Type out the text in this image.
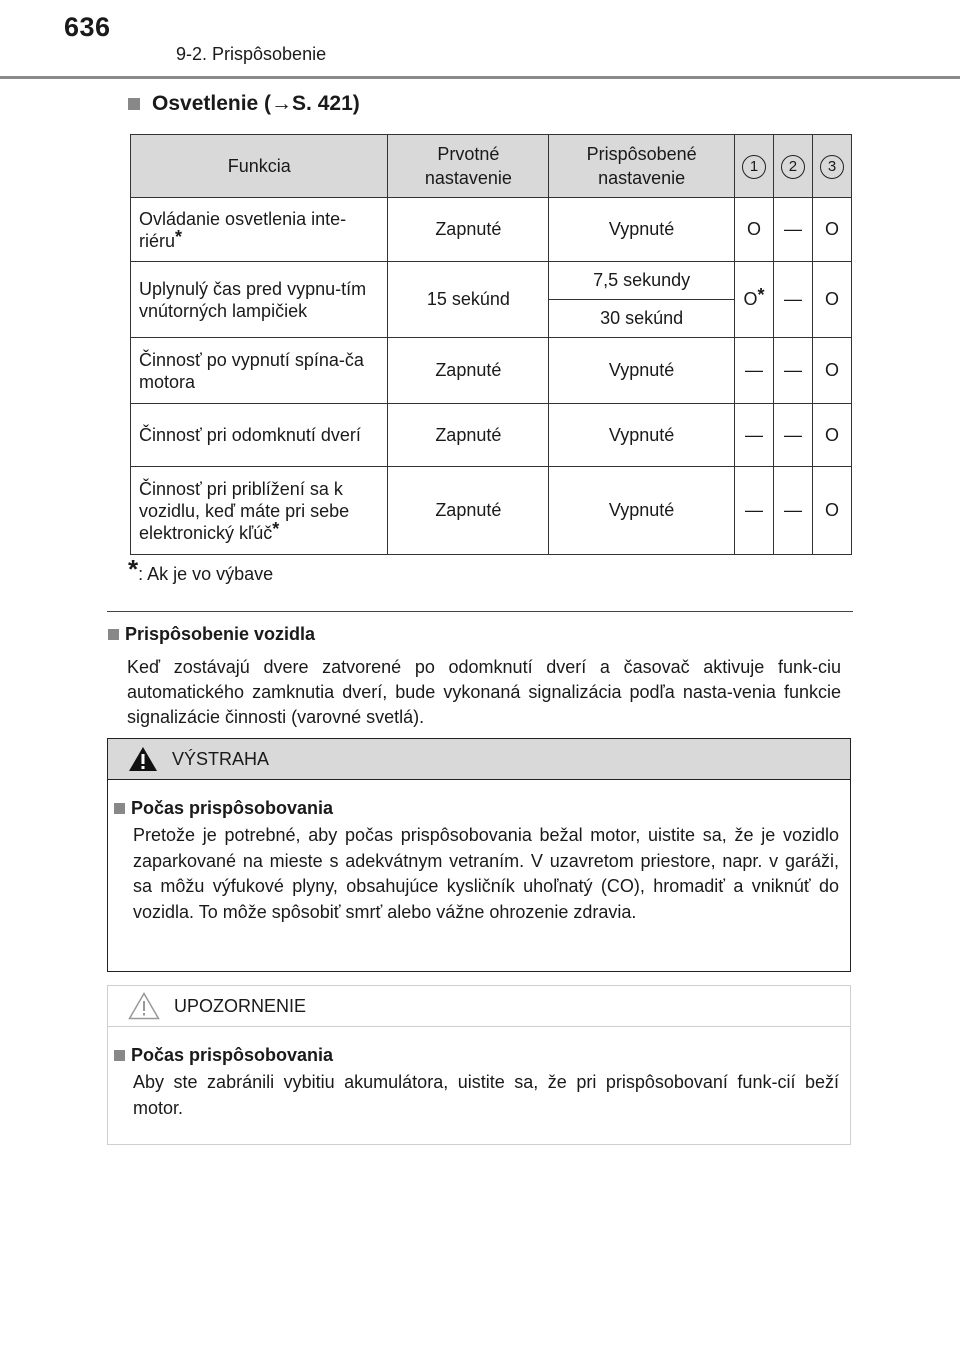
636
9-2. Prispôsobenie
Osvetlenie (→S. 421)
Funkcia	Prvotné nastavenie	Prispôsobené nastavenie	1	2	3
Ovládanie osvetlenia inte-riéru*	Zapnuté	Vypnuté	O	—	O
Uplynulý čas pred vypnu-tím vnútorných lampičiek	15 sekúnd	7,5 sekundy	O*	—	O
		30 sekúnd			
Činnosť po vypnutí spína-ča motora	Zapnuté	Vypnuté	—	—	O
Činnosť pri odomknutí dverí	Zapnuté	Vypnuté	—	—	O
Činnosť pri priblížení sa k vozidlu, keď máte pri sebe elektronický kľúč*	Zapnuté	Vypnuté	—	—	O
*: Ak je vo výbave
Prispôsobenie vozidla
Keď zostávajú dvere zatvorené po odomknutí dverí a časovač aktivuje funk-ciu automatického zamknutia dverí, bude vykonaná signalizácia podľa nasta-venia funkcie signalizácie činnosti (varovné svetlá).
VÝSTRAHA
Počas prispôsobovania
Pretože je potrebné, aby počas prispôsobovania bežal motor, uistite sa, že je vozidlo zaparkované na mieste s adekvátnym vetraním. V uzavretom priestore, napr. v garáži, sa môžu výfukové plyny, obsahujúce kysličník uhoľnatý (CO), hromadiť a vniknúť do vozidla. To môže spôsobiť smrť alebo vážne ohrozenie zdravia.
UPOZORNENIE
Počas prispôsobovania
Aby ste zabránili vybitiu akumulátora, uistite sa, že pri prispôsobovaní funk-cií beží motor.
